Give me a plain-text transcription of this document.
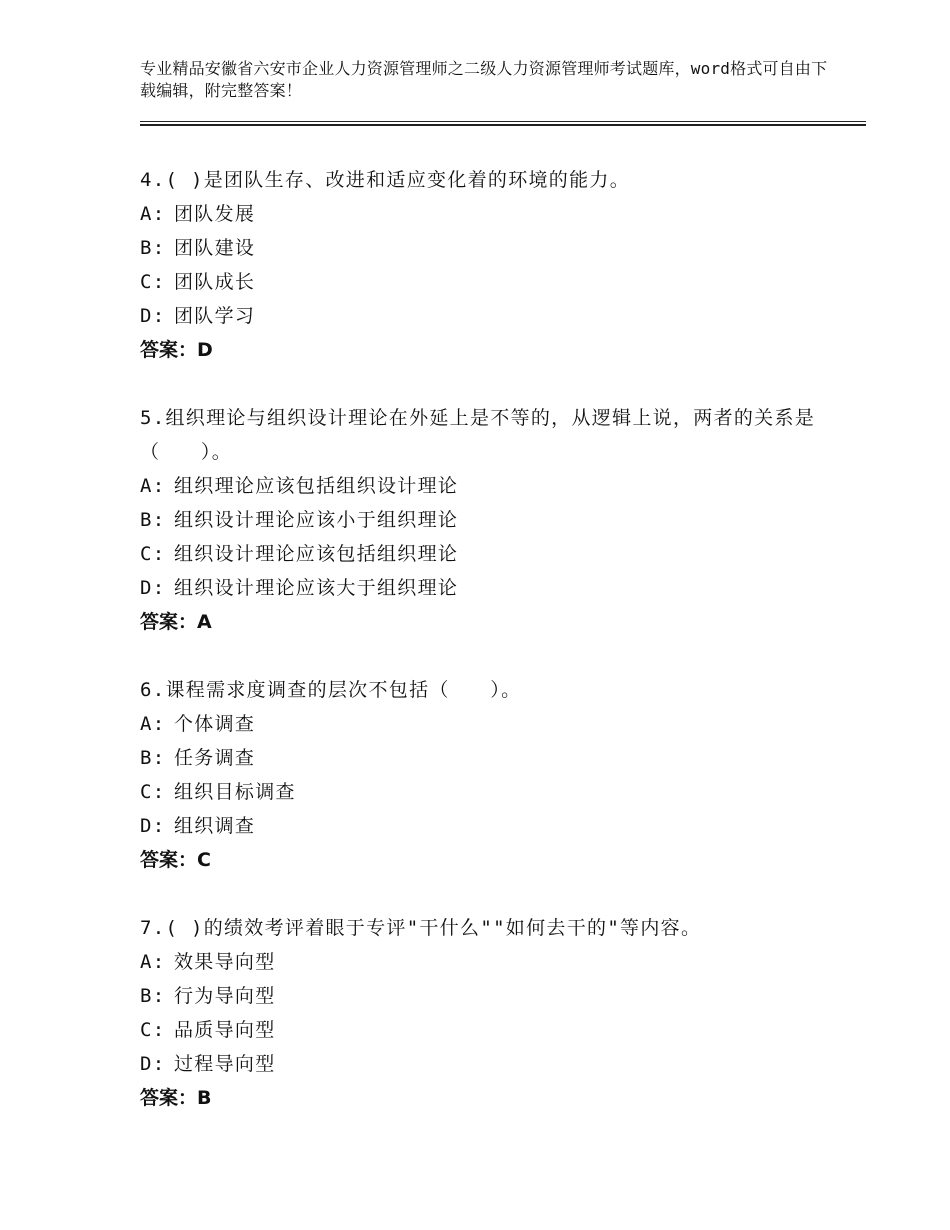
专业精品安徽省六安市企业人力资源管理师之二级人力资源管理师考试题库，word格式可自由下载编辑，附完整答案！
4.( )是团队生存、改进和适应变化着的环境的能力。
A: 团队发展
B: 团队建设
C: 团队成长
D: 团队学习
答案：D
5.组织理论与组织设计理论在外延上是不等的，从逻辑上说，两者的关系是（　　）。
A: 组织理论应该包括组织设计理论
B: 组织设计理论应该小于组织理论
C: 组织设计理论应该包括组织理论
D: 组织设计理论应该大于组织理论
答案：A
6.课程需求度调查的层次不包括（　　）。
A: 个体调查
B: 任务调查
C: 组织目标调查
D: 组织调查
答案：C
7.( )的绩效考评着眼于专评"干什么""如何去干的"等内容。
A: 效果导向型
B: 行为导向型
C: 品质导向型
D: 过程导向型
答案：B
